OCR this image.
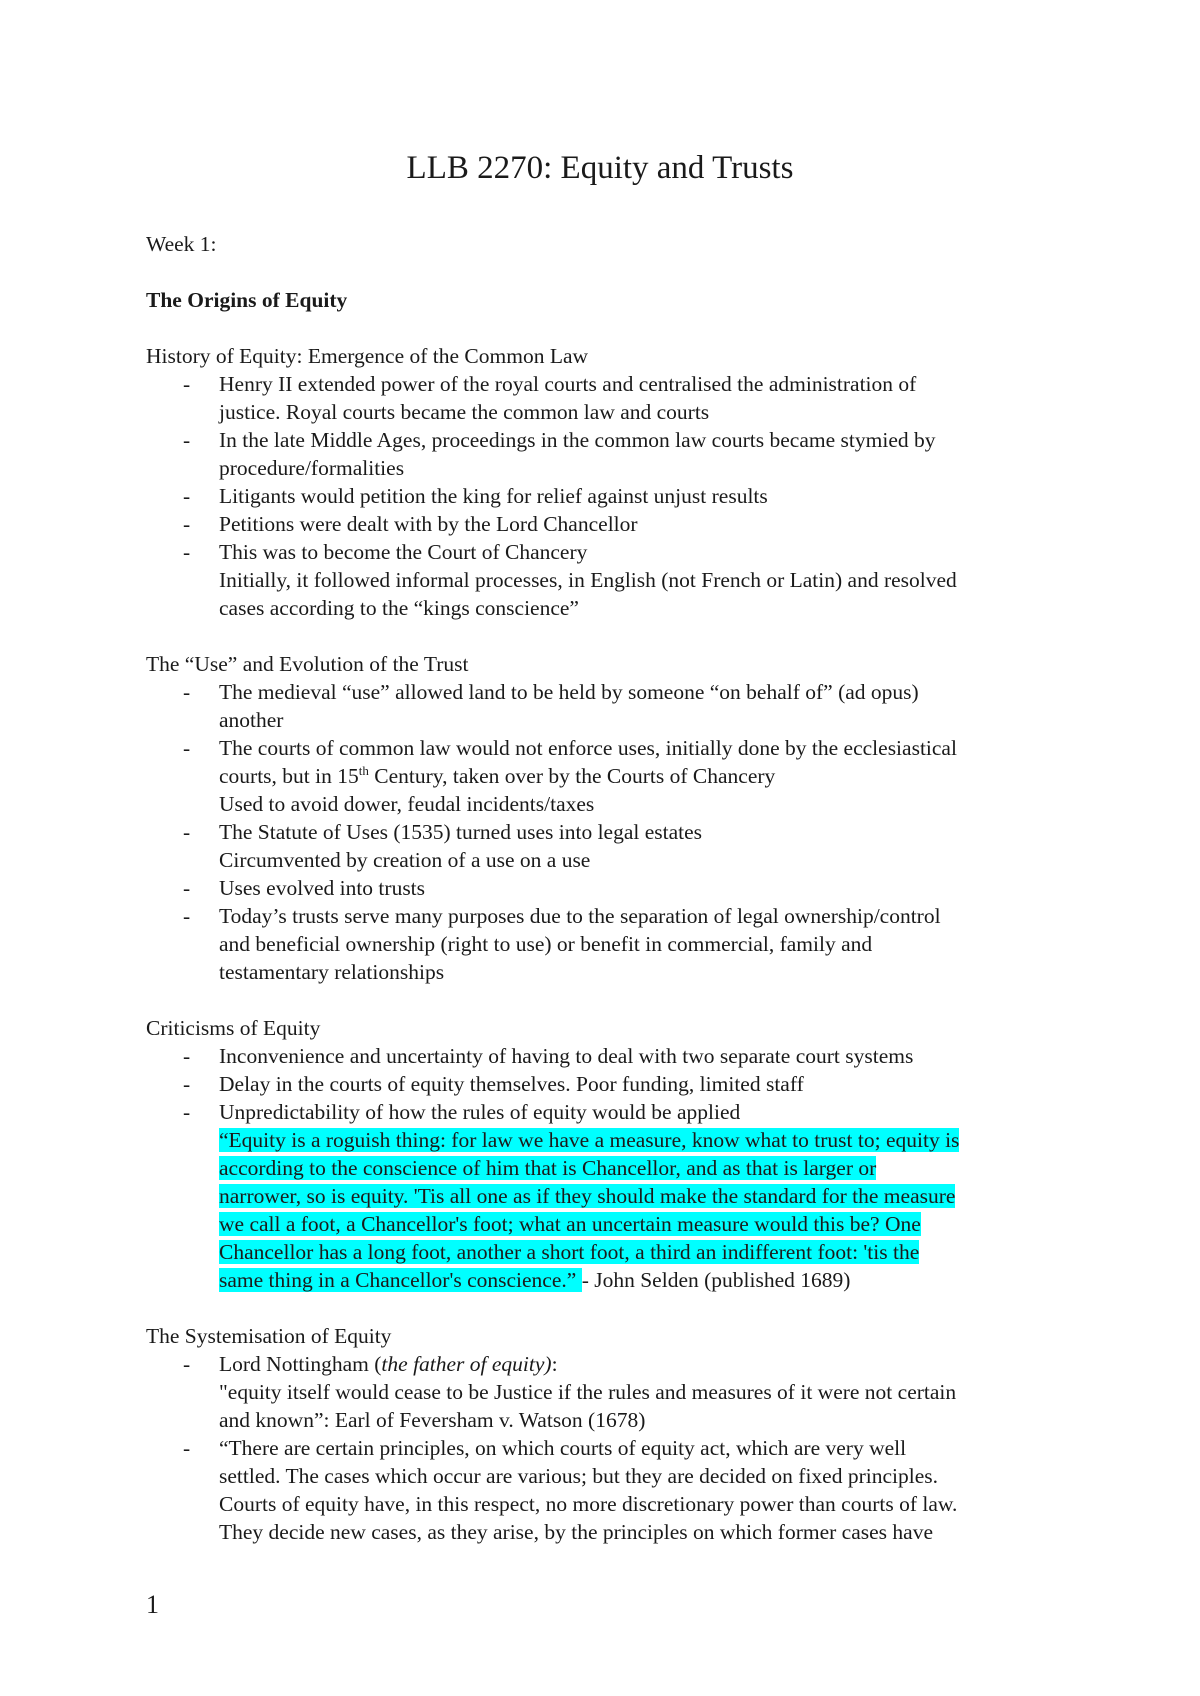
LLB 2270: Equity and Trusts

Week 1:

The Origins of Equity

History of Equity: Emergence of the Common Law

- Henry II extended power of the royal courts and centralised the administration of
justice. Royal courts became the common law and courts
- In the late Middle Ages, proceedings in the common law courts became stymied by
procedure/formalities
- Litigants would petition the king for relief against unjust results
- Petitions were dealt with by the Lord Chancellor
- This was to become the Court of Chancery

Initially, it followed informal processes, in English (not French or Latin) and resolved

cases according to the “kings conscience”

The “Use” and Evolution of the Trust

- The medieval “use” allowed land to be held by someone “on behalf of” (ad opus)
another
- The courts of common law would not enforce uses, initially done by the ecclesiastical
courts, but in 15th Century, taken over by the Courts of Chancery

Used to avoid dower, feudal incidents/taxes

- The Statute of Uses (1535) turned uses into legal estates

Circumvented by creation of a use on a use

- Uses evolved into trusts
- Today’s trusts serve many purposes due to the separation of legal ownership/control
and beneficial ownership (right to use) or benefit in commercial, family and
testamentary relationships

Criticisms of Equity

- Inconvenience and uncertainty of having to deal with two separate court systems
- Delay in the courts of equity themselves. Poor funding, limited staff
- Unpredictability of how the rules of equity would be applied
“Equity is a roguish thing: for law we have a measure, know what to trust to; equity is
according to the conscience of him that is Chancellor, and as that is larger or
narrower, so is equity. 'Tis all one as if they should make the standard for the measure
we call a foot, a Chancellor's foot; what an uncertain measure would this be? One
Chancellor has a long foot, another a short foot, a third an indifferent foot: 'tis the
same thing in a Chancellor's conscience.” - John Selden (published 1689)

The Systemisation of Equity

- Lord Nottingham (the father of equity):

"equity itself would cease to be Justice if the rules and measures of it were not certain

and known”: Earl of Feversham v. Watson (1678)

- “There are certain principles, on which courts of equity act, which are very well
settled. The cases which occur are various; but they are decided on fixed principles.
Courts of equity have, in this respect, no more discretionary power than courts of law.
They decide new cases, as they arise, by the principles on which former cases have
1
